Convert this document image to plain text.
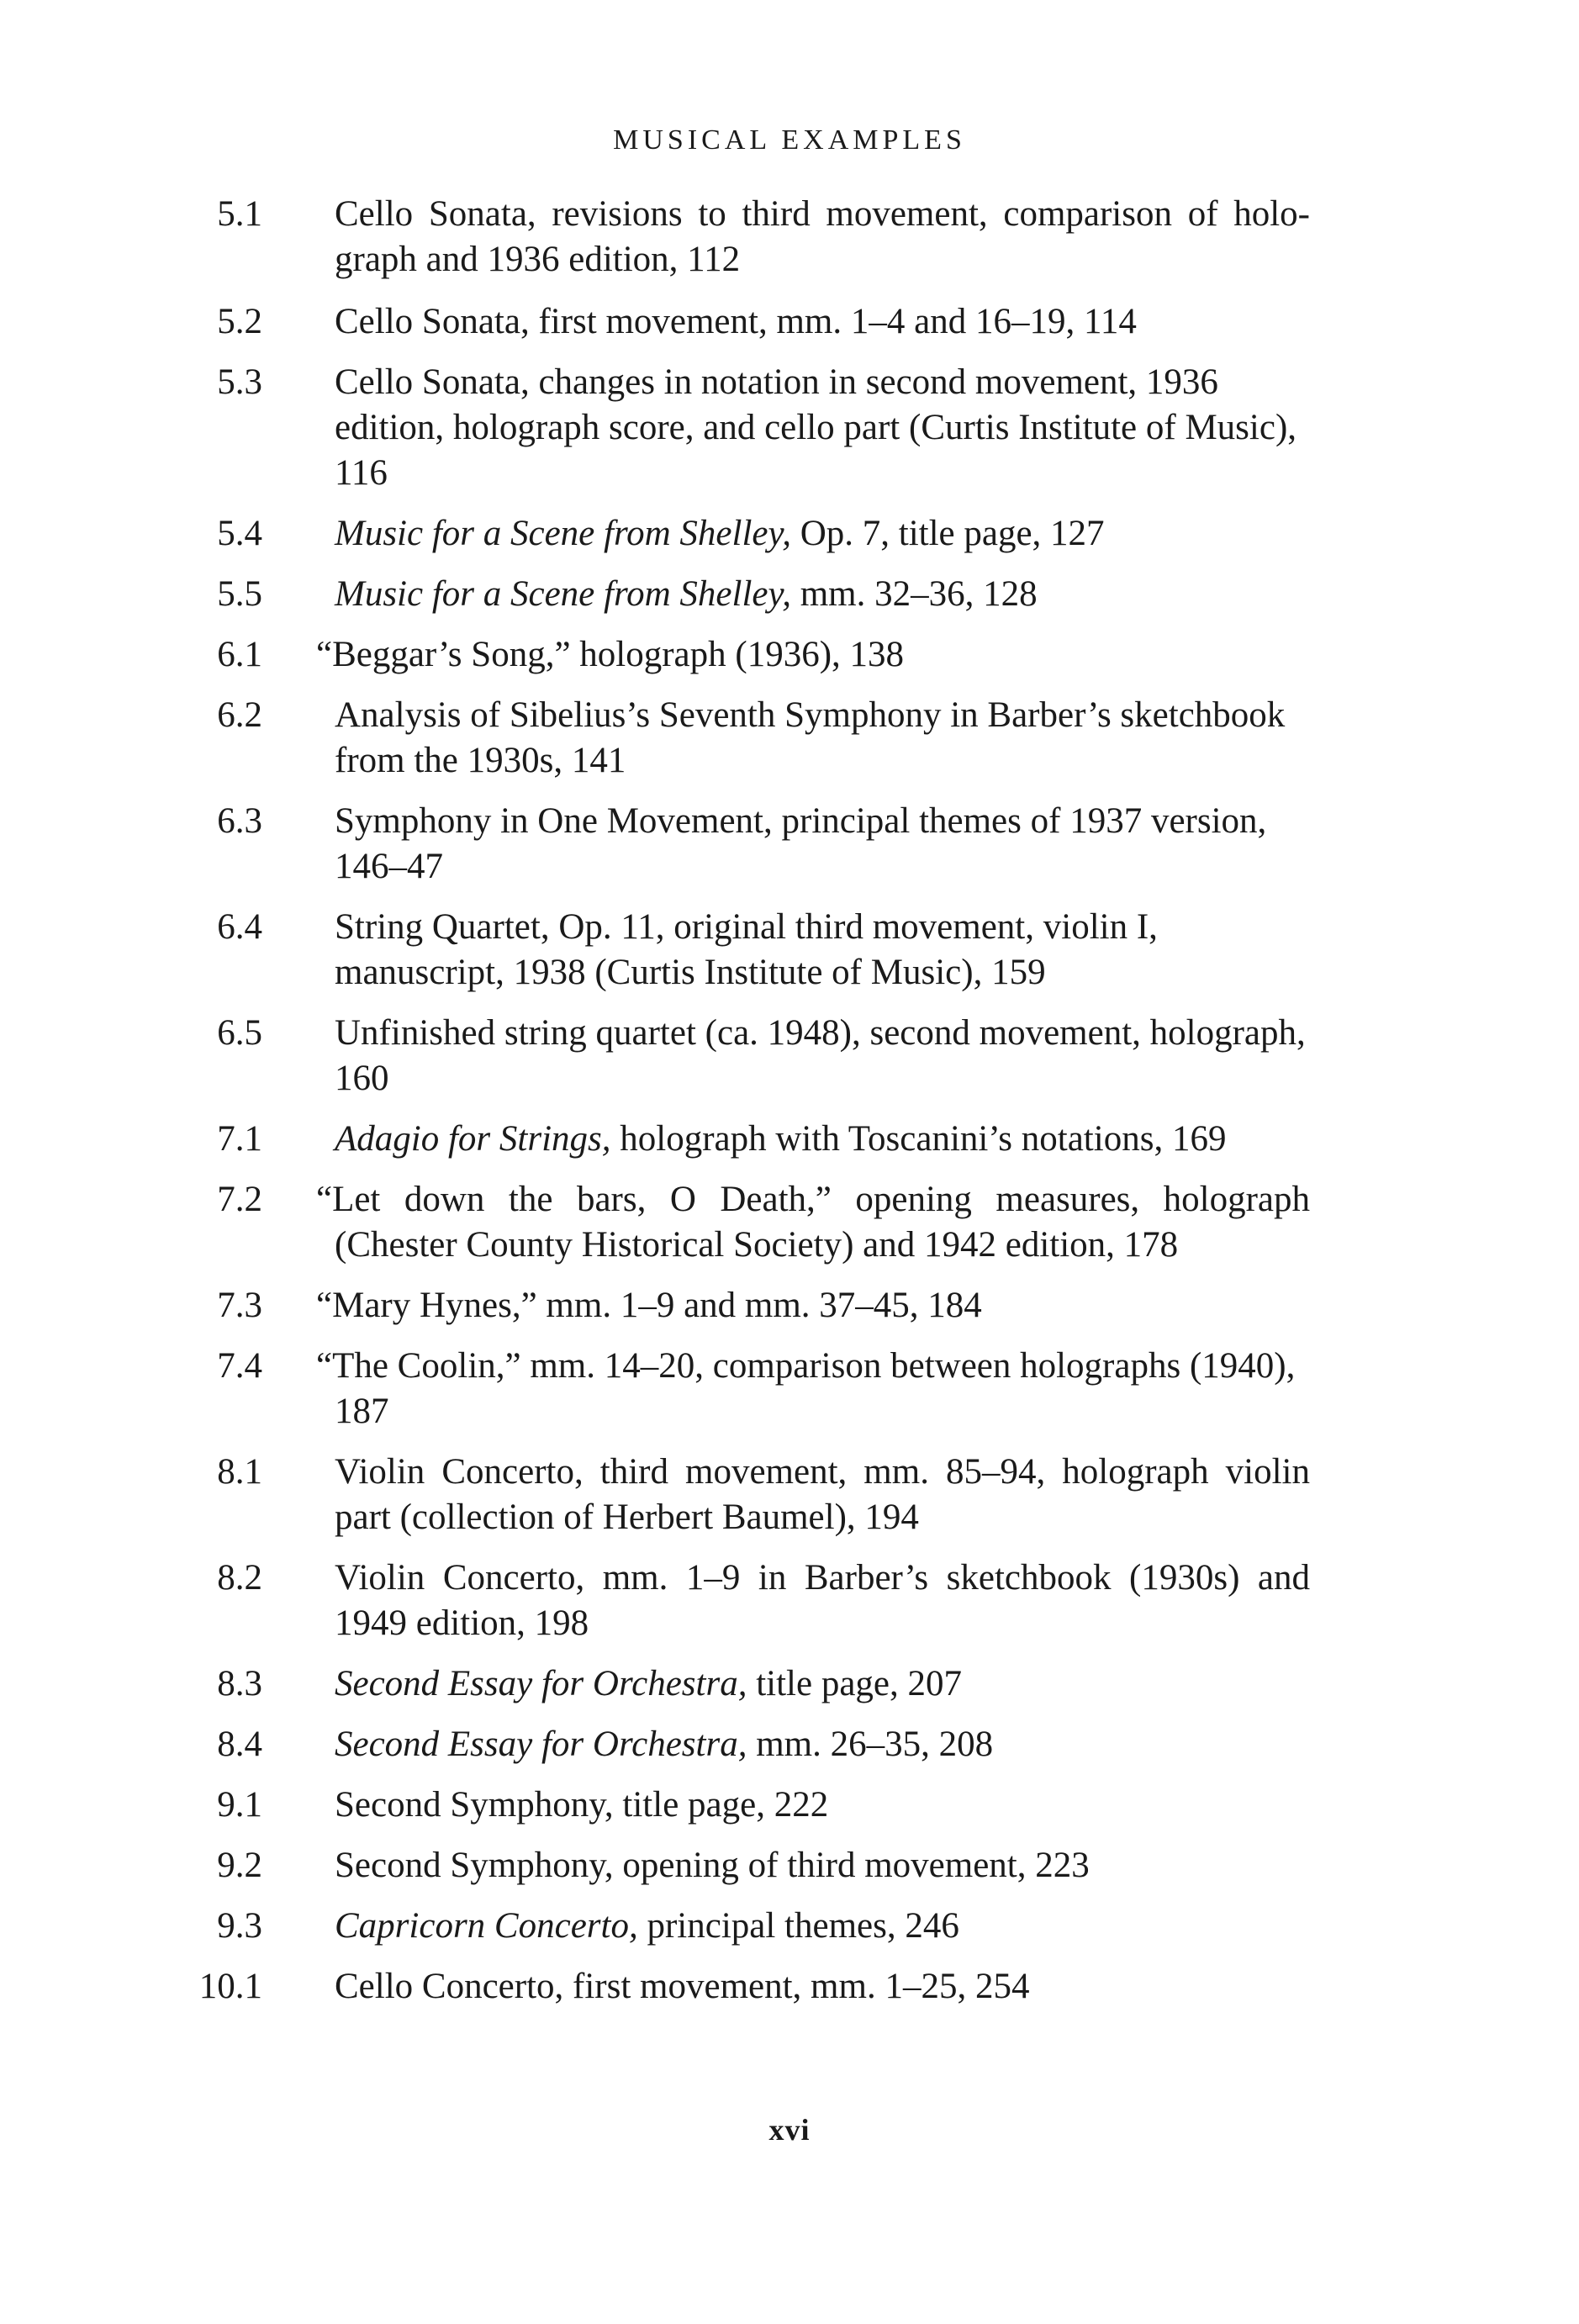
MUSICAL EXAMPLES
5.1 Cello Sonata, revisions to third movement, comparison of holograph and 1936 edition, 112
5.2 Cello Sonata, first movement, mm. 1–4 and 16–19, 114
5.3 Cello Sonata, changes in notation in second movement, 1936 edition, holograph score, and cello part (Curtis Institute of Music), 116
5.4 Music for a Scene from Shelley, Op. 7, title page, 127
5.5 Music for a Scene from Shelley, mm. 32–36, 128
6.1 “Beggar’s Song,” holograph (1936), 138
6.2 Analysis of Sibelius’s Seventh Symphony in Barber’s sketchbook from the 1930s, 141
6.3 Symphony in One Movement, principal themes of 1937 version, 146–47
6.4 String Quartet, Op. 11, original third movement, violin I, manuscript, 1938 (Curtis Institute of Music), 159
6.5 Unfinished string quartet (ca. 1948), second movement, holograph, 160
7.1 Adagio for Strings, holograph with Toscanini’s notations, 169
7.2 “Let down the bars, O Death,” opening measures, holograph (Chester County Historical Society) and 1942 edition, 178
7.3 “Mary Hynes,” mm. 1–9 and mm. 37–45, 184
7.4 “The Coolin,” mm. 14–20, comparison between holographs (1940), 187
8.1 Violin Concerto, third movement, mm. 85–94, holograph violin part (collection of Herbert Baumel), 194
8.2 Violin Concerto, mm. 1–9 in Barber’s sketchbook (1930s) and 1949 edition, 198
8.3 Second Essay for Orchestra, title page, 207
8.4 Second Essay for Orchestra, mm. 26–35, 208
9.1 Second Symphony, title page, 222
9.2 Second Symphony, opening of third movement, 223
9.3 Capricorn Concerto, principal themes, 246
10.1 Cello Concerto, first movement, mm. 1–25, 254
xvi
